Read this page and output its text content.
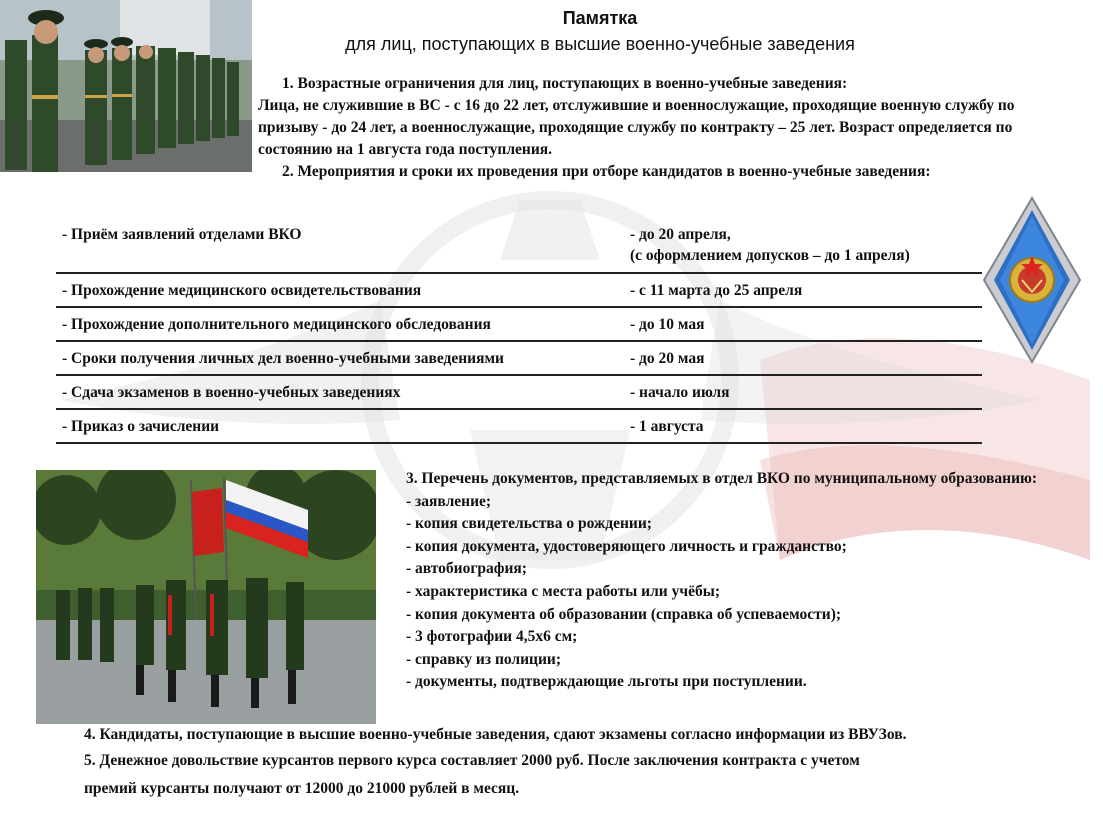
Памятка
для лиц, поступающих в высшие военно-учебные заведения

1. Возрастные ограничения для лиц, поступающих в военно-учебные заведения:

Лица, не служившие в ВС - с 16 до 22 лет, отслужившие и военнослужащие, проходящие военную службу по призыву - до 24 лет, а военнослужащие, проходящие службу по контракту – 25 лет. Возраст определяется по состоянию на 1 августа года поступления.

2. Мероприятия и сроки их проведения при отборе кандидатов в военно-учебные заведения:

- Приём заявлений отделами ВКО	- до 20 апреля,
(с оформлением допусков – до 1 апреля)
- Прохождение медицинского освидетельствования	- с 11 марта до 25 апреля
- Прохождение дополнительного медицинского обследования	- до 10 мая
- Сроки получения личных дел военно-учебными заведениями	- до 20 мая
- Сдача экзаменов в военно-учебных заведениях	- начало июля
- Приказ о зачислении	- 1 августа

3. Перечень документов, представляемых в отдел ВКО по муниципальному образованию:

- заявление;
- копия свидетельства о рождении;
- копия документа, удостоверяющего личность и гражданство;
- автобиография;
- характеристика с места работы или учёбы;
- копия документа об образовании (справка об успеваемости);
- 3 фотографии 4,5х6 см;
- справку из полиции;
- документы, подтверждающие льготы при поступлении.

4. Кандидаты, поступающие в высшие военно-учебные заведения, сдают экзамены согласно информации из ВВУЗов.

5. Денежное довольствие курсантов первого курса составляет 2000 руб. После заключения контракта с учетом

премий курсанты получают от 12000 до 21000 рублей в месяц.
